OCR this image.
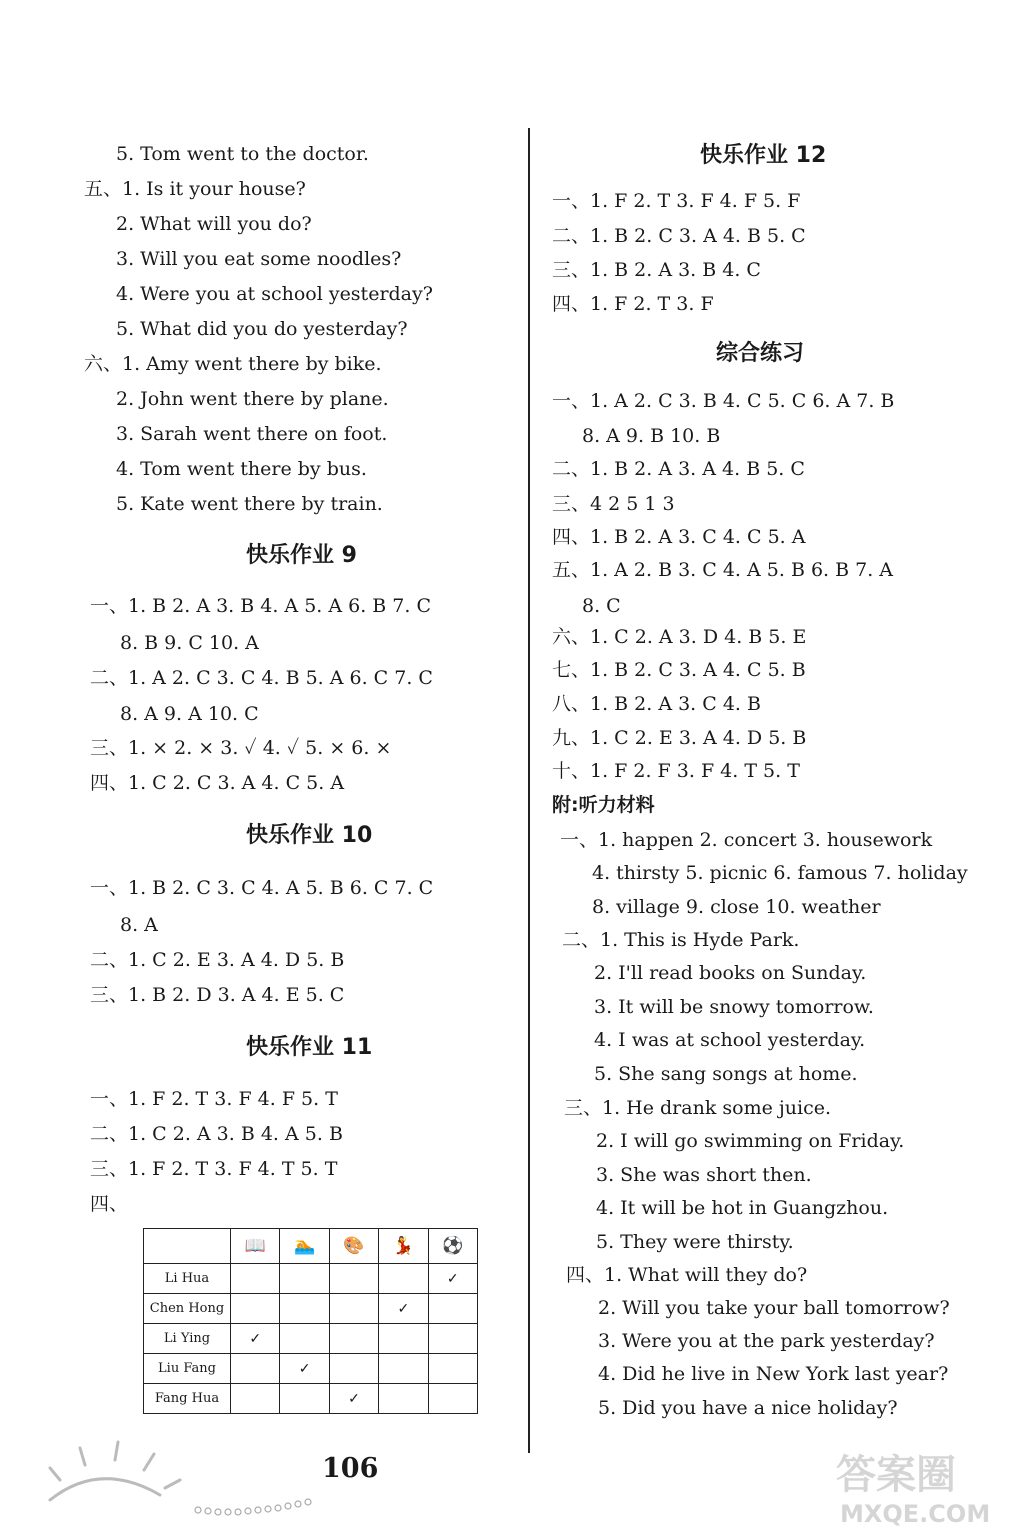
5. Tom went to the doctor.
五、1. Is it your house?
2. What will you do?
3. Will you eat some noodles?
4. Were you at school yesterday?
5. What did you do yesterday?
六、1. Amy went there by bike.
2. John went there by plane.
3. Sarah went there on foot.
4. Tom went there by bus.
5. Kate went there by train.
快乐作业 9
一、1. B 2. A 3. B 4. A 5. A 6. B 7. C
8. B 9. C 10. A
二、1. A 2. C 3. C 4. B 5. A 6. C 7. C
8. A 9. A 10. C
三、1. × 2. × 3. ✓ 4. ✓ 5. × 6. ×
四、1. C 2. C 3. A 4. C 5. A
快乐作业 10
一、1. B 2. C 3. C 4. A 5. B 6. C 7. C
8. A
二、1. C 2. E 3. A 4. D 5. B
三、1. B 2. D 3. A 4. E 5. C
快乐作业 11
一、1. F 2. T 3. F 4. F 5. T
二、1. C 2. A 3. B 4. A 5. B
三、1. F 2. T 3. F 4. T 5. T
四、
	📖	🏊	🎨	💃	⚽
Li Hua					✓
Chen Hong				✓	
Li Ying	✓				
Liu Fang		✓			
Fang Hua			✓		
快乐作业 12
一、1. F 2. T 3. F 4. F 5. F
二、1. B 2. C 3. A 4. B 5. C
三、1. B 2. A 3. B 4. C
四、1. F 2. T 3. F
综合练习
一、1. A 2. C 3. B 4. C 5. C 6. A 7. B
8. A 9. B 10. B
二、1. B 2. A 3. A 4. B 5. C
三、4 2 5 1 3
四、1. B 2. A 3. C 4. C 5. A
五、1. A 2. B 3. C 4. A 5. B 6. B 7. A
8. C
六、1. C 2. A 3. D 4. B 5. E
七、1. B 2. C 3. A 4. C 5. B
八、1. B 2. A 3. C 4. B
九、1. C 2. E 3. A 4. D 5. B
十、1. F 2. F 3. F 4. T 5. T
附:听力材料
一、1. happen 2. concert 3. housework
4. thirsty 5. picnic 6. famous 7. holiday
8. village 9. close 10. weather
二、1. This is Hyde Park.
2. I'll read books on Sunday.
3. It will be snowy tomorrow.
4. I was at school yesterday.
5. She sang songs at home.
三、1. He drank some juice.
2. I will go swimming on Friday.
3. She was short then.
4. It will be hot in Guangzhou.
5. They were thirsty.
四、1. What will they do?
2. Will you take your ball tomorrow?
3. Were you at the park yesterday?
4. Did he live in New York last year?
5. Did you have a nice holiday?
106	答案圈
MXQE.COM
